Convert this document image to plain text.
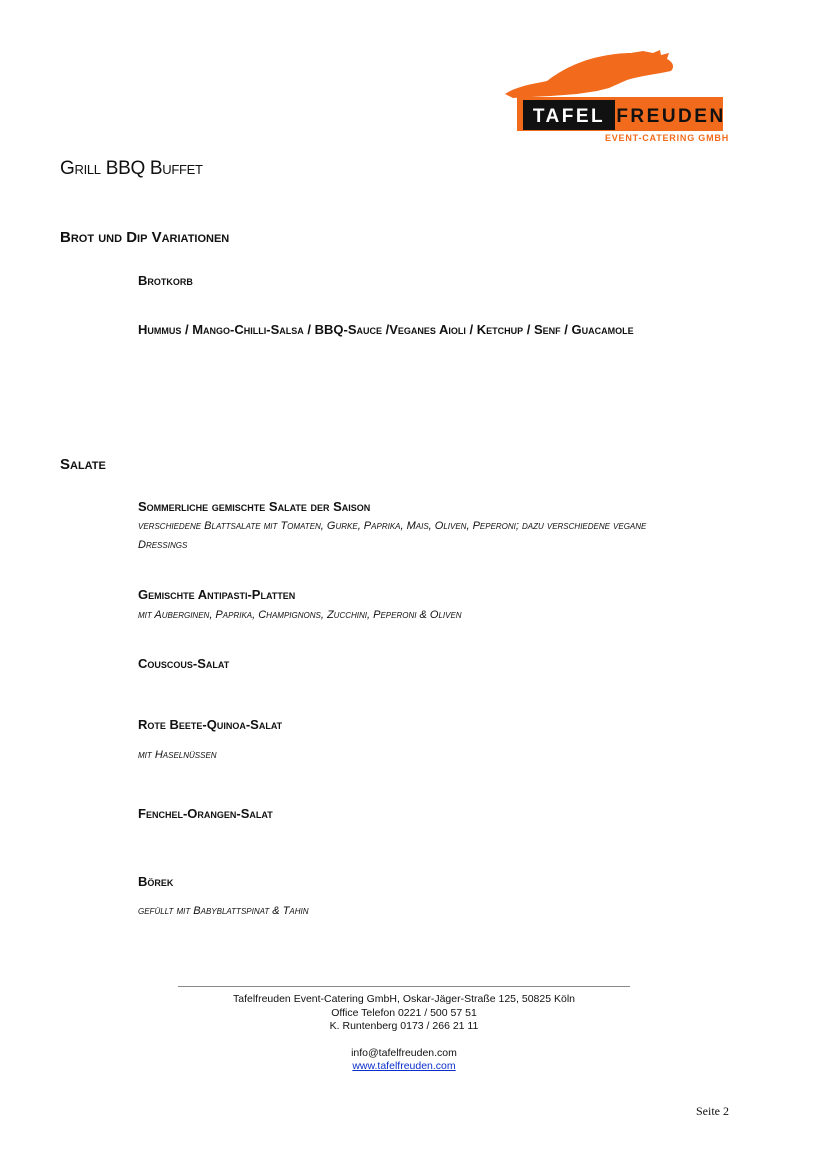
TAFEL FREUDEN
EVENT-CATERING GMBH
Grill BBQ Buffet
Brot und Dip Variationen
Brotkorb
Hummus / Mango-Chilli-Salsa / BBQ-Sauce /Veganes Aioli / Ketchup / Senf / Guacamole
Salate
Sommerliche gemischte Salate der Saison
verschiedene Blattsalate mit Tomaten, Gurke, Paprika, Mais, Oliven, Peperoni; dazu verschiedene vegane Dressings
Gemischte Antipasti-Platten
mit Auberginen, Paprika, Champignons, Zucchini, Peperoni & Oliven
Couscous-Salat
Rote Beete-Quinoa-Salat
mit Haselnüssen
Fenchel-Orangen-Salat
Börek
gefüllt mit Babyblattspinat & Tahin
Tafelfreuden Event-Catering GmbH, Oskar-Jäger-Straße 125, 50825 Köln
Office Telefon 0221 / 500 57 51
K. Runtenberg 0173 / 266 21 11
info@tafelfreuden.com
www.tafelfreuden.com
Seite 2
